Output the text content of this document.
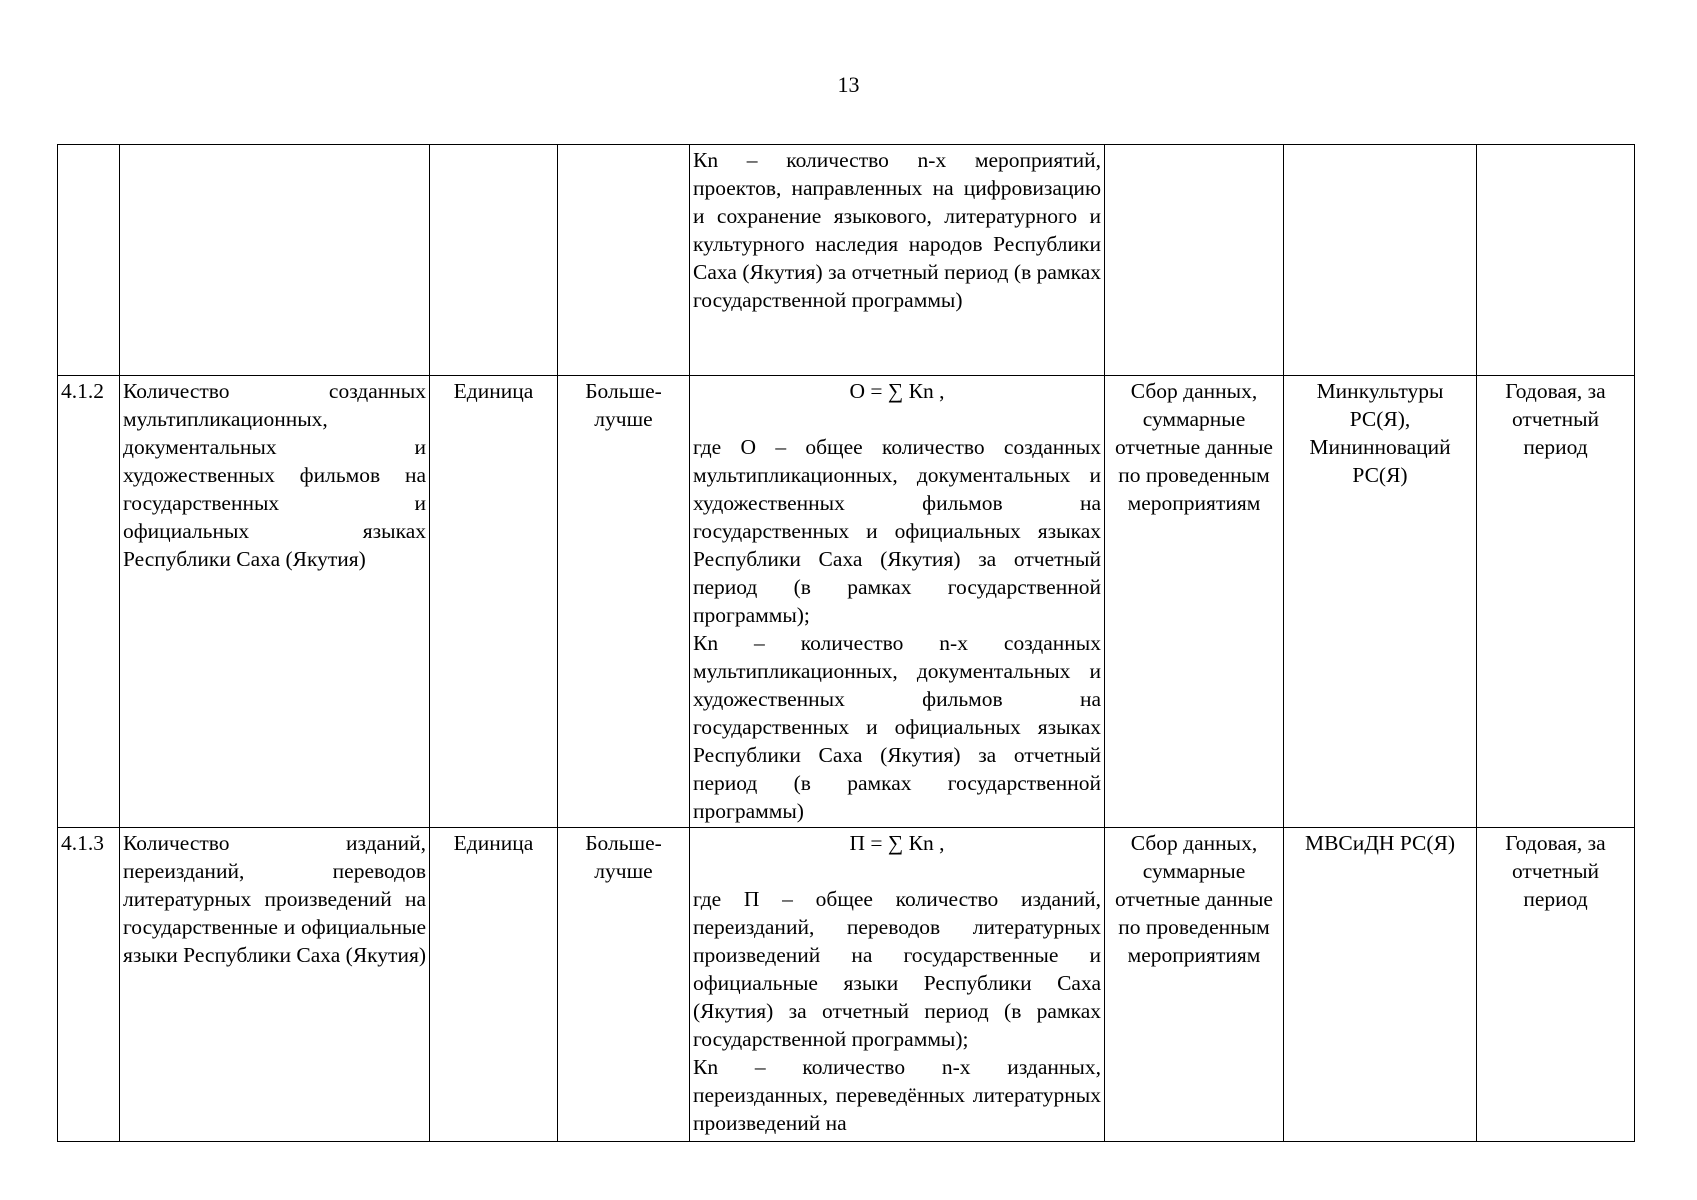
13

				Кn – количество n-х мероприятий, проектов, направленных на цифровизацию и сохранение языкового, литературного и культурного наследия народов Республики Саха (Якутия) за отчетный период (в рамках государственной программы)			

4.1.2	Количество созданных мультипликационных, документальных и художественных фильмов на государственных и официальных языках Республики Саха (Якутия)	Единица	Больше-лучше	О = ∑ Кn ,
где О – общее количество созданных мультипликационных, документальных и художественных фильмов на государственных и официальных языках Республики Саха (Якутия) за отчетный период (в рамках государственной программы);
Кn – количество n-х созданных мультипликационных, документальных и художественных фильмов на государственных и официальных языках Республики Саха (Якутия) за отчетный период (в рамках государственной программы)	Сбор данных, суммарные отчетные данные по проведенным мероприятиям	Минкультуры РС(Я), Мининноваций РС(Я)	Годовая, за отчетный период
4.1.3	Количество изданий, переизданий, переводов литературных произведений на государственные и официальные языки Республики Саха (Якутия)	Единица	Больше-лучше	П = ∑ Кn ,
где П – общее количество изданий, переизданий, переводов литературных произведений на государственные и официальные языки Республики Саха (Якутия) за отчетный период (в рамках государственной программы);
Кn – количество n-х изданных, переизданных, переведённых литературных произведений на	Сбор данных, суммарные отчетные данные по проведенным мероприятиям	МВСиДН РС(Я)	Годовая, за отчетный период
